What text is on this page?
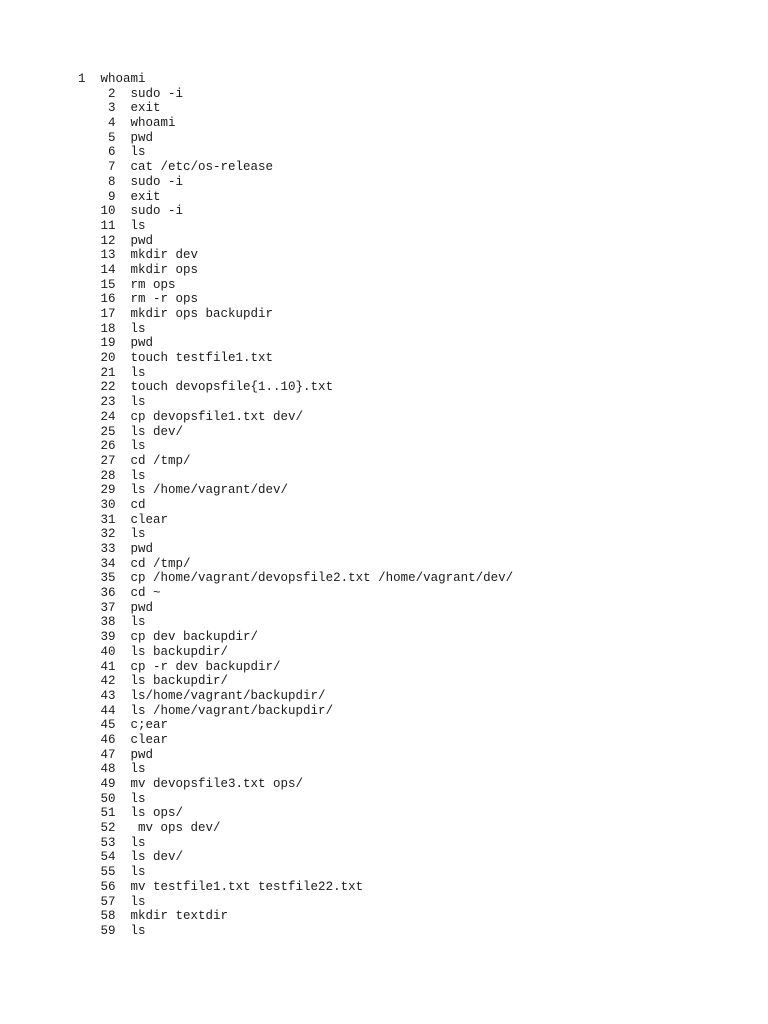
1 whoami
2 sudo -i
3 exit
4 whoami
5 pwd
6 ls
7 cat /etc/os-release
8 sudo -i
9 exit
10 sudo -i
11 ls
12 pwd
13 mkdir dev
14 mkdir ops
15 rm ops
16 rm -r ops
17 mkdir ops backupdir
18 ls
19 pwd
20 touch testfile1.txt
21 ls
22 touch devopsfile{1..10}.txt
23 ls
24 cp devopsfile1.txt dev/
25 ls dev/
26 ls
27 cd /tmp/
28 ls
29 ls /home/vagrant/dev/
30 cd
31 clear
32 ls
33 pwd
34 cd /tmp/
35 cp /home/vagrant/devopsfile2.txt /home/vagrant/dev/
36 cd ~
37 pwd
38 ls
39 cp dev backupdir/
40 ls backupdir/
41 cp -r dev backupdir/
42 ls backupdir/
43 ls/home/vagrant/backupdir/
44 ls /home/vagrant/backupdir/
45 c;ear
46 clear
47 pwd
48 ls
49 mv devopsfile3.txt ops/
50 ls
51 ls ops/
52   mv ops dev/
53 ls
54 ls dev/
55 ls
56 mv testfile1.txt testfile22.txt
57 ls
58 mkdir textdir
59 ls
